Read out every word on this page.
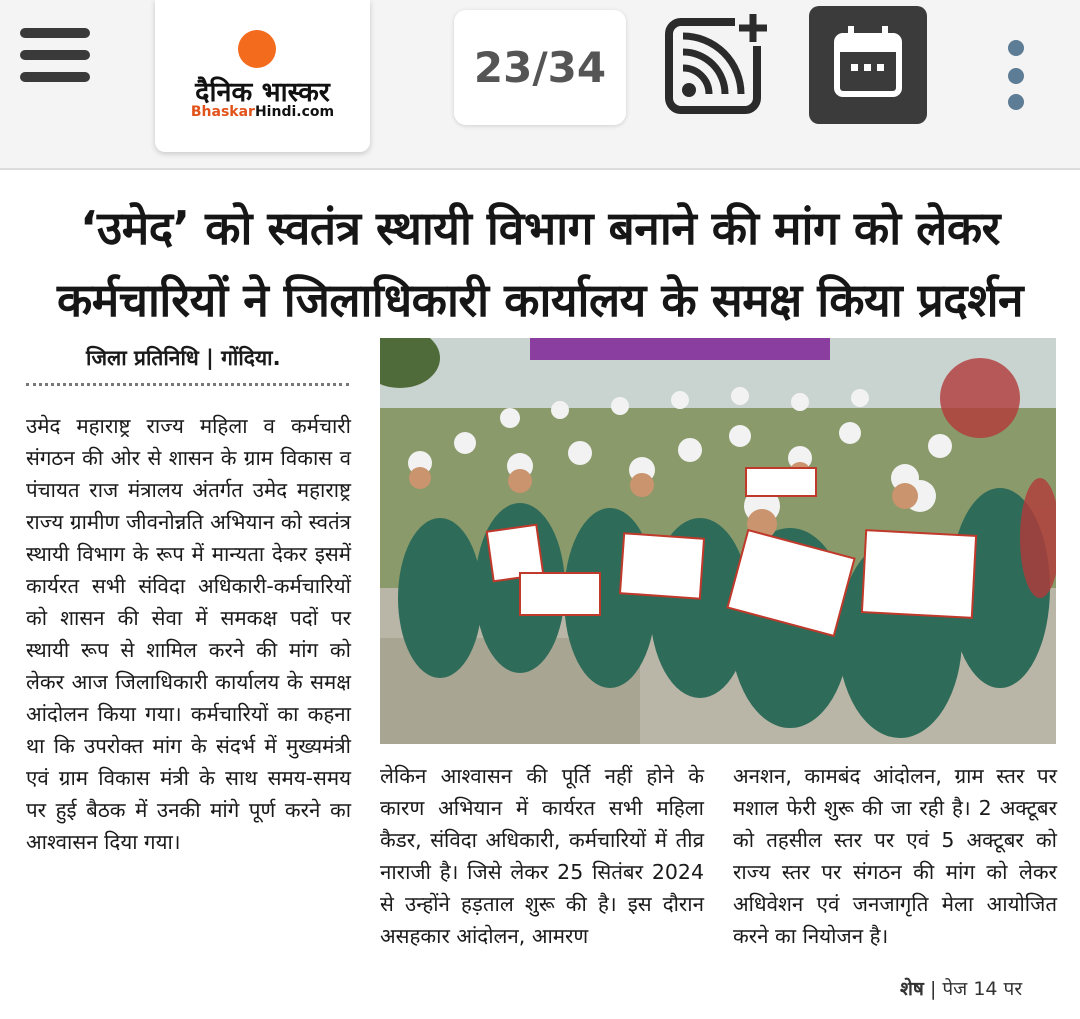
दैनिक भास्कर
BhaskarHindi.com
23/34
‘उमेद’ को स्वतंत्र स्थायी विभाग बनाने की मांग को लेकर
कर्मचारियों ने जिलाधिकारी कार्यालय के समक्ष किया प्रदर्शन
जिला प्रतिनिधि | गोंदिया.
उमेद महाराष्ट्र राज्य महिला व कर्मचारी संगठन की ओर से शासन के ग्राम विकास व पंचायत राज मंत्रालय अंतर्गत उमेद महाराष्ट्र राज्य ग्रामीण जीवनोन्नति अभियान को स्वतंत्र स्थायी विभाग के रूप में मान्यता देकर इसमें कार्यरत सभी संविदा अधिकारी-कर्मचारियों को शासन की सेवा में समकक्ष पदों पर स्थायी रूप से शामिल करने की मांग को लेकर आज जिलाधिकारी कार्यालय के समक्ष आंदोलन किया गया। कर्मचारियों का कहना था कि उपरोक्त मांग के संदर्भ में मुख्यमंत्री एवं ग्राम विकास मंत्री के साथ समय-समय पर हुई बैठक में उनकी मांगे पूर्ण करने का आश्वासन दिया गया।
लेकिन आश्वासन की पूर्ति नहीं होने के कारण अभियान में कार्यरत सभी महिला कैडर, संविदा अधिकारी, कर्मचारियों में तीव्र नाराजी है। जिसे लेकर 25 सितंबर 2024 से उन्होंने हड़ताल शुरू की है। इस दौरान असहकार आंदोलन, आमरण
अनशन, कामबंद आंदोलन, ग्राम स्तर पर मशाल फेरी शुरू की जा रही है। 2 अक्टूबर को तहसील स्तर पर एवं 5 अक्टूबर को राज्य स्तर पर संगठन की मांग को लेकर अधिवेशन एवं जनजागृति मेला आयोजित करने का नियोजन है।
शेष | पेज 14 पर
